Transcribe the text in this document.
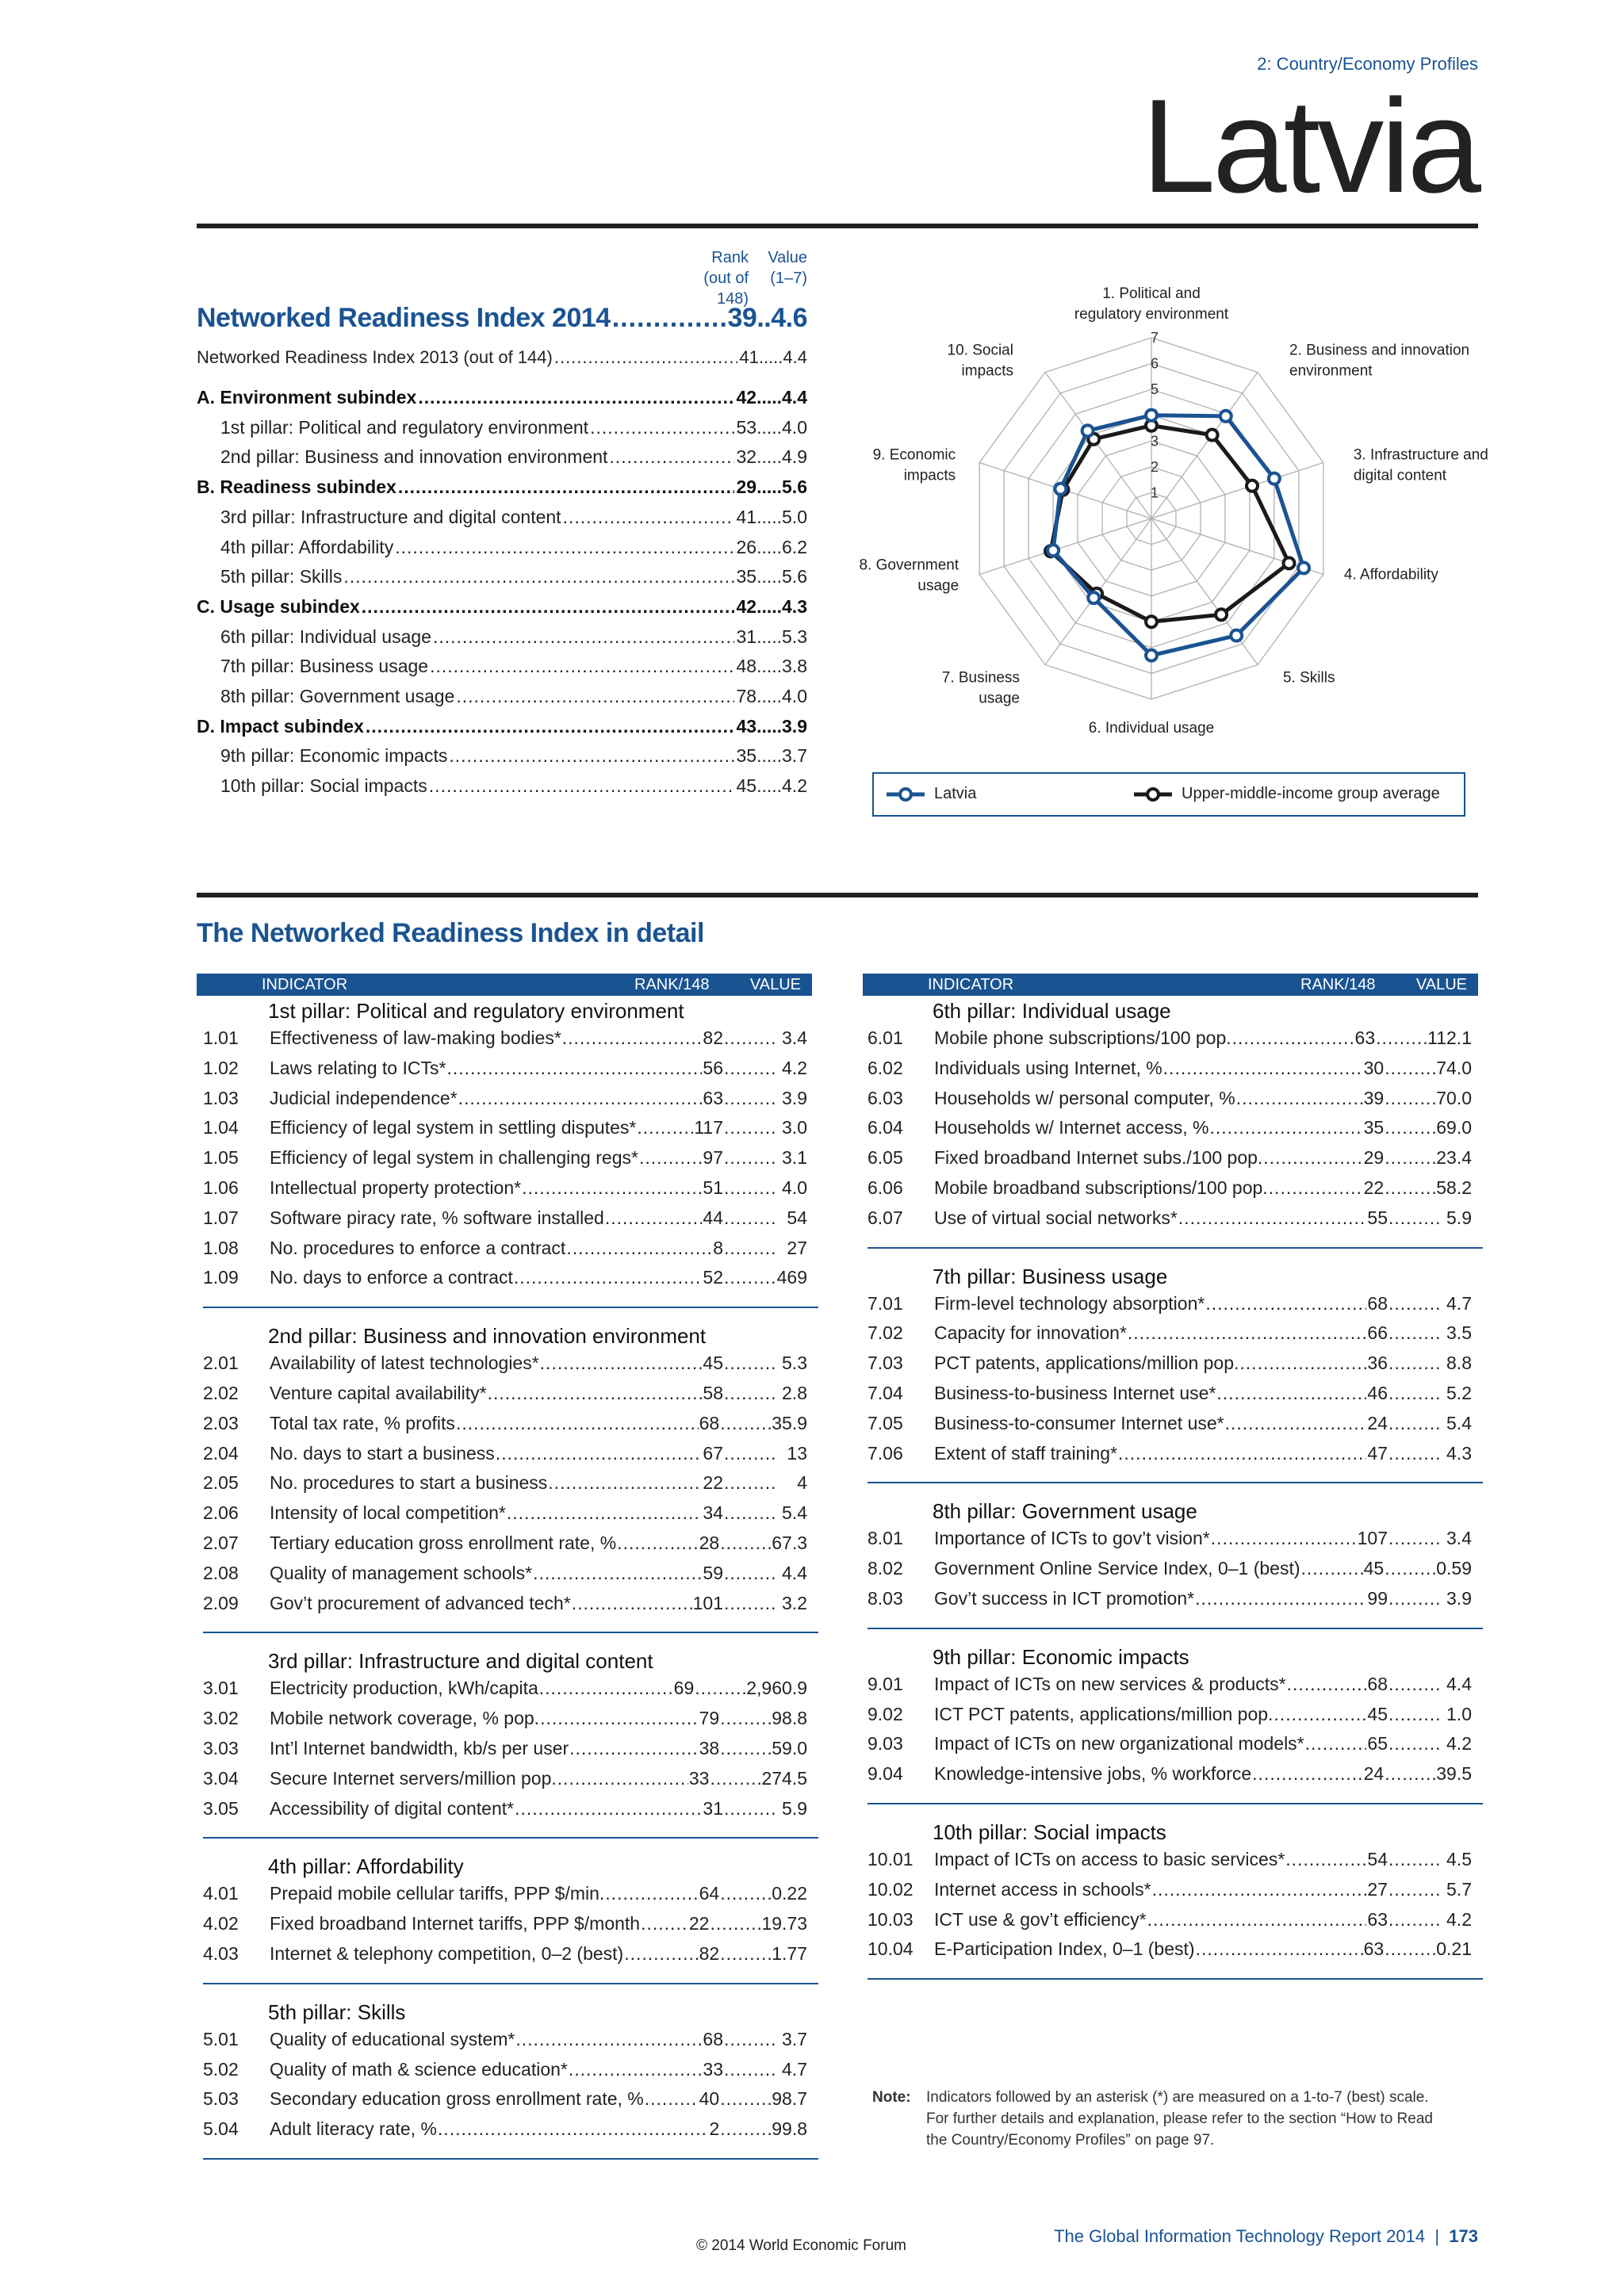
2: Country/Economy Profiles
Latvia
Rank
(out of 148)
Value
(1–7)
Networked Readiness Index 2014 .....	39 .. 4.6
Networked Readiness Index 2013 (out of 144) .....	41 ..... 4.4
A. Environment subindex .....	42 ..... 4.4
1st pillar: Political and regulatory environment .....	53 ..... 4.0
2nd pillar: Business and innovation environment .....	32 ..... 4.9
B. Readiness subindex .....	29 ..... 5.6
3rd pillar: Infrastructure and digital content .....	41 ..... 5.0
4th pillar: Affordability .....	26 ..... 6.2
5th pillar: Skills .....	35 ..... 5.6
C. Usage subindex .....	42 ..... 4.3
6th pillar: Individual usage .....	31 ..... 5.3
7th pillar: Business usage .....	48 ..... 3.8
8th pillar: Government usage .....	78 ..... 4.0
D. Impact subindex .....	43 ..... 3.9
9th pillar: Economic impacts .....	35 ..... 3.7
10th pillar: Social impacts .....	45 ..... 4.2
1
2
3
5
6
7
1. Political and regulatory environment
2. Business and innovation environment
3. Infrastructure and digital content
4. Affordability
5. Skills
6. Individual usage
7. Business usage
8. Government usage
9. Economic impacts
10. Social impacts
Latvia	Upper-middle-income group average
The Networked Readiness Index in detail
INDICATOR	RANK/148	VALUE	INDICATOR	RANK/148	VALUE
1st pillar: Political and regulatory environment
1.01	Effectiveness of law-making bodies* .....	82 .....	3.4
1.02	Laws relating to ICTs* .....	56 .....	4.2
1.03	Judicial independence* .....	63 .....	3.9
1.04	Efficiency of legal system in settling disputes* .....	117 .....	3.0
1.05	Efficiency of legal system in challenging regs* .....	97 .....	3.1
1.06	Intellectual property protection* .....	51 .....	4.0
1.07	Software piracy rate, % software installed .....	44 .....	54
1.08	No. procedures to enforce a contract .....	8 .....	27
1.09	No. days to enforce a contract .....	52 .....	469
2nd pillar: Business and innovation environment
2.01	Availability of latest technologies* .....	45 .....	5.3
2.02	Venture capital availability* .....	58 .....	2.8
2.03	Total tax rate, % profits .....	68 .....	35.9
2.04	No. days to start a business .....	67 .....	13
2.05	No. procedures to start a business .....	22 .....	4
2.06	Intensity of local competition* .....	34 .....	5.4
2.07	Tertiary education gross enrollment rate, % .....	28 .....	67.3
2.08	Quality of management schools* .....	59 .....	4.4
2.09	Gov’t procurement of advanced tech* .....	101 .....	3.2
3rd pillar: Infrastructure and digital content
3.01	Electricity production, kWh/capita .....	69 .....	2,960.9
3.02	Mobile network coverage, % pop. .....	79 .....	98.8
3.03	Int’l Internet bandwidth, kb/s per user .....	38 .....	59.0
3.04	Secure Internet servers/million pop. .....	33 .....	274.5
3.05	Accessibility of digital content* .....	31 .....	5.9
4th pillar: Affordability
4.01	Prepaid mobile cellular tariffs, PPP $/min. .....	64 .....	0.22
4.02	Fixed broadband Internet tariffs, PPP $/month .....	22 .....	19.73
4.03	Internet & telephony competition, 0–2 (best) .....	82 .....	1.77
5th pillar: Skills
5.01	Quality of educational system* .....	68 .....	3.7
5.02	Quality of math & science education* .....	33 .....	4.7
5.03	Secondary education gross enrollment rate, % .....	40 .....	98.7
5.04	Adult literacy rate, % .....	2 .....	99.8
6th pillar: Individual usage
6.01	Mobile phone subscriptions/100 pop. .....	63 .....	112.1
6.02	Individuals using Internet, % .....	30 .....	74.0
6.03	Households w/ personal computer, % .....	39 .....	70.0
6.04	Households w/ Internet access, % .....	35 .....	69.0
6.05	Fixed broadband Internet subs./100 pop. .....	29 .....	23.4
6.06	Mobile broadband subscriptions/100 pop. .....	22 .....	58.2
6.07	Use of virtual social networks* .....	55 .....	5.9
7th pillar: Business usage
7.01	Firm-level technology absorption* .....	68 .....	4.7
7.02	Capacity for innovation* .....	66 .....	3.5
7.03	PCT patents, applications/million pop. .....	36 .....	8.8
7.04	Business-to-business Internet use* .....	46 .....	5.2
7.05	Business-to-consumer Internet use* .....	24 .....	5.4
7.06	Extent of staff training* .....	47 .....	4.3
8th pillar: Government usage
8.01	Importance of ICTs to gov’t vision* .....	107 .....	3.4
8.02	Government Online Service Index, 0–1 (best) .....	45 .....	0.59
8.03	Gov’t success in ICT promotion* .....	99 .....	3.9
9th pillar: Economic impacts
9.01	Impact of ICTs on new services & products* .....	68 .....	4.4
9.02	ICT PCT patents, applications/million pop. .....	45 .....	1.0
9.03	Impact of ICTs on new organizational models* .....	65 .....	4.2
9.04	Knowledge-intensive jobs, % workforce .....	24 .....	39.5
10th pillar: Social impacts
10.01	Impact of ICTs on access to basic services* .....	54 .....	4.5
10.02	Internet access in schools* .....	27 .....	5.7
10.03	ICT use & gov’t efficiency* .....	63 .....	4.2
10.04	E-Participation Index, 0–1 (best) .....	63 .....	0.21
Note: Indicators followed by an asterisk (*) are measured on a 1-to-7 (best) scale. For further details and explanation, please refer to the section “How to Read the Country/Economy Profiles” on page 97.
The Global Information Technology Report 2014 | 173
© 2014 World Economic Forum
